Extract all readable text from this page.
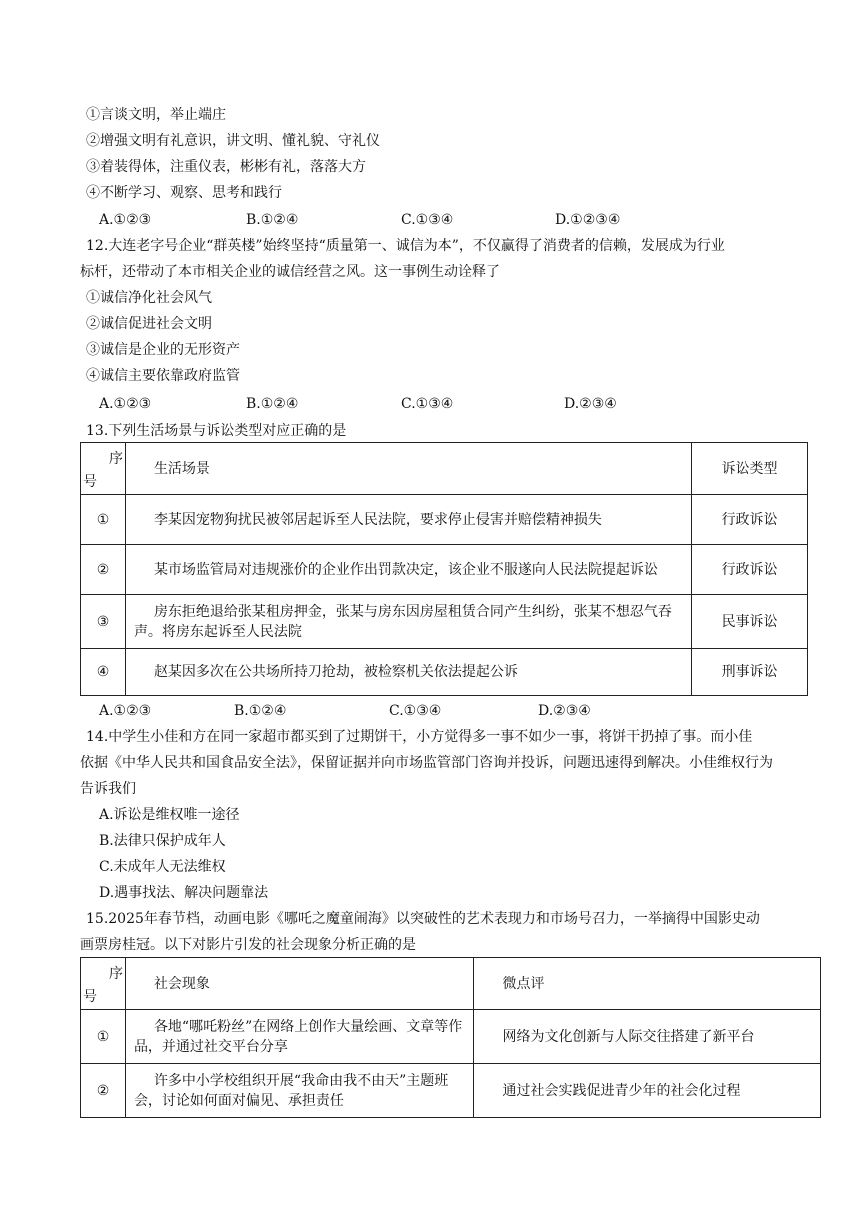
①言谈文明，举止端庄
②增强文明有礼意识，讲文明、懂礼貌、守礼仪
③着装得体，注重仪表，彬彬有礼，落落大方
④不断学习、观察、思考和践行
A.①②③	B.①②④	C.①③④	D.①②③④
12.大连老字号企业“群英楼”始终坚持“质量第一、诚信为本”，不仅赢得了消费者的信赖，发展成为行业
标杆，还带动了本市相关企业的诚信经营之风。这一事例生动诠释了
①诚信净化社会风气
②诚信促进社会文明
③诚信是企业的无形资产
④诚信主要依靠政府监管
A.①②③	B.①②④	C.①③④	D.②③④
13.下列生活场景与诉讼类型对应正确的是
序
号	生活场景	诉讼类型
①	李某因宠物狗扰民被邻居起诉至人民法院，要求停止侵害并赔偿精神损失	行政诉讼
②	某市场监管局对违规涨价的企业作出罚款决定，该企业不服遂向人民法院提起诉讼	行政诉讼
③	房东拒绝退给张某租房押金，张某与房东因房屋租赁合同产生纠纷，张某不想忍气吞声。将房东起诉至人民法院	民事诉讼
④	赵某因多次在公共场所持刀抢劫，被检察机关依法提起公诉	刑事诉讼
A.①②③	B.①②④	C.①③④	D.②③④
14.中学生小佳和方在同一家超市都买到了过期饼干，小方觉得多一事不如少一事，将饼干扔掉了事。而小佳
依据《中华人民共和国食品安全法》，保留证据并向市场监管部门咨询并投诉，问题迅速得到解决。小佳维权行为
告诉我们
A.诉讼是维权唯一途径
B.法律只保护成年人
C.未成年人无法维权
D.遇事找法、解决问题靠法
15.2025年春节档，动画电影《哪吒之魔童闹海》以突破性的艺术表现力和市场号召力，一举摘得中国影史动
画票房桂冠。以下对影片引发的社会现象分析正确的是
序
号	社会现象	微点评
①	各地“哪吒粉丝”在网络上创作大量绘画、文章等作品，并通过社交平台分享	网络为文化创新与人际交往搭建了新平台
②	许多中小学校组织开展“我命由我不由天”主题班会，讨论如何面对偏见、承担责任	通过社会实践促进青少年的社会化过程
